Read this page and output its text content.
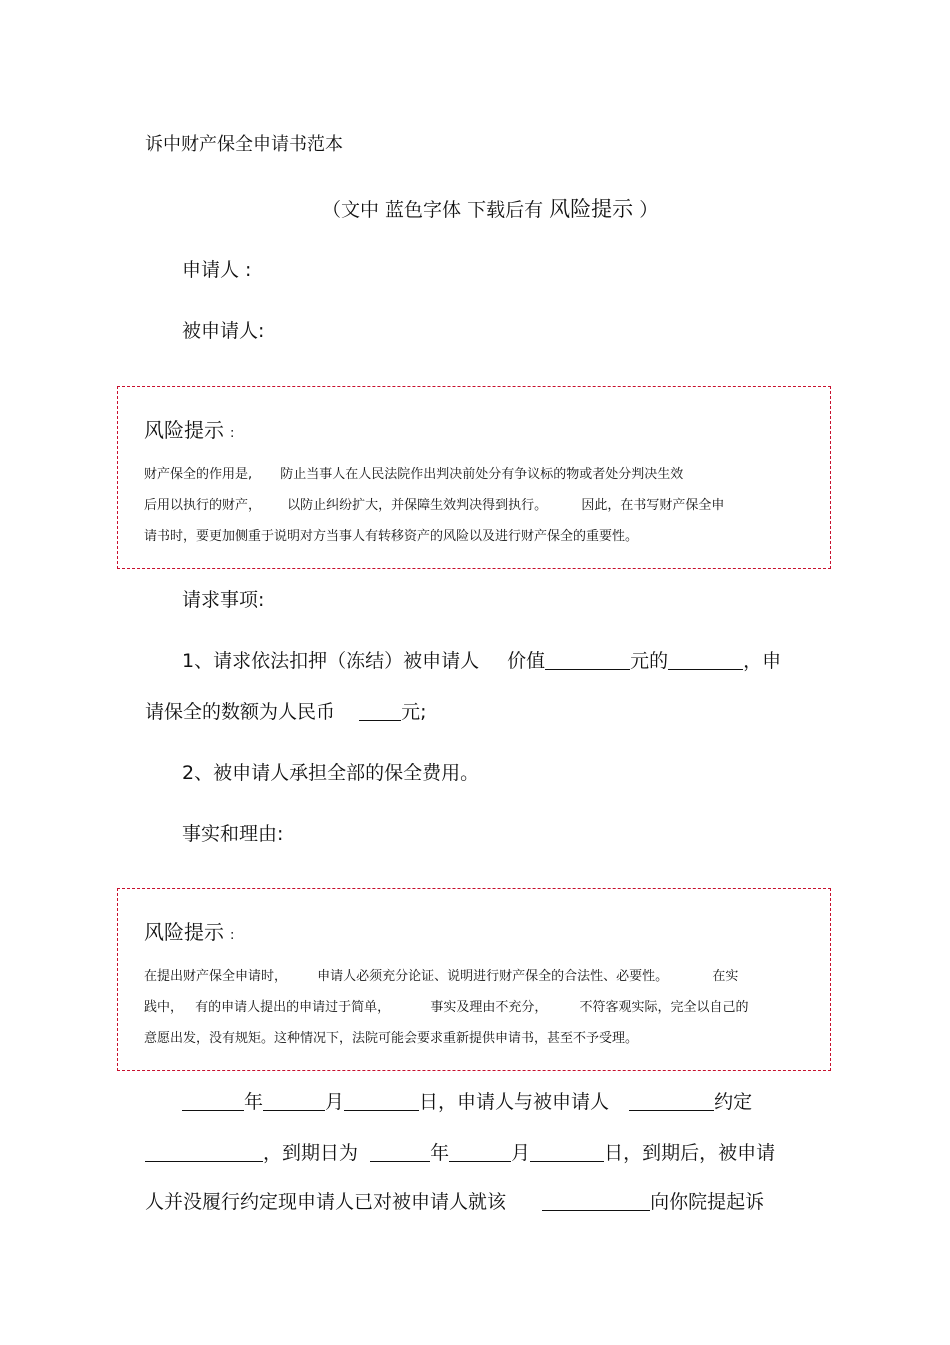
诉中财产保全申请书范本
（文中 蓝色字体 下载后有 风险提示 ）
申请人 :
被申请人:
风险提示 :
财产保全的作用是, 防止当事人在人民法院作出判决前处分有争议标的物或者处分判决生效
后用以执行的财产， 以防止纠纷扩大，并保障生效判决得到执行。	因此，在书写财产保全申
请书时，要更加侧重于说明对方当事人有转移资产的风险以及进行财产保全的重要性。
请求事项:
1、请求依法扣押（冻结）被申请人 价值	元的	，申
请保全的数额为人民币	元;
2、被申请人承担全部的保全费用。
事实和理由:
风险提示 :
在提出财产保全申请时， 申请人必须充分论证、说明进行财产保全的合法性、必要性。	在实
践中， 有的申请人提出的申请过于简单，	事实及理由不充分， 不符客观实际，完全以自己的
意愿出发，没有规矩。这种情况下，法院可能会要求重新提供申请书，甚至不予受理。
年	月	日，申请人与被申请人	约定
，到期日为	年	月	日，到期后，被申请
人并没履行约定现申请人已对被申请人就该	向你院提起诉
